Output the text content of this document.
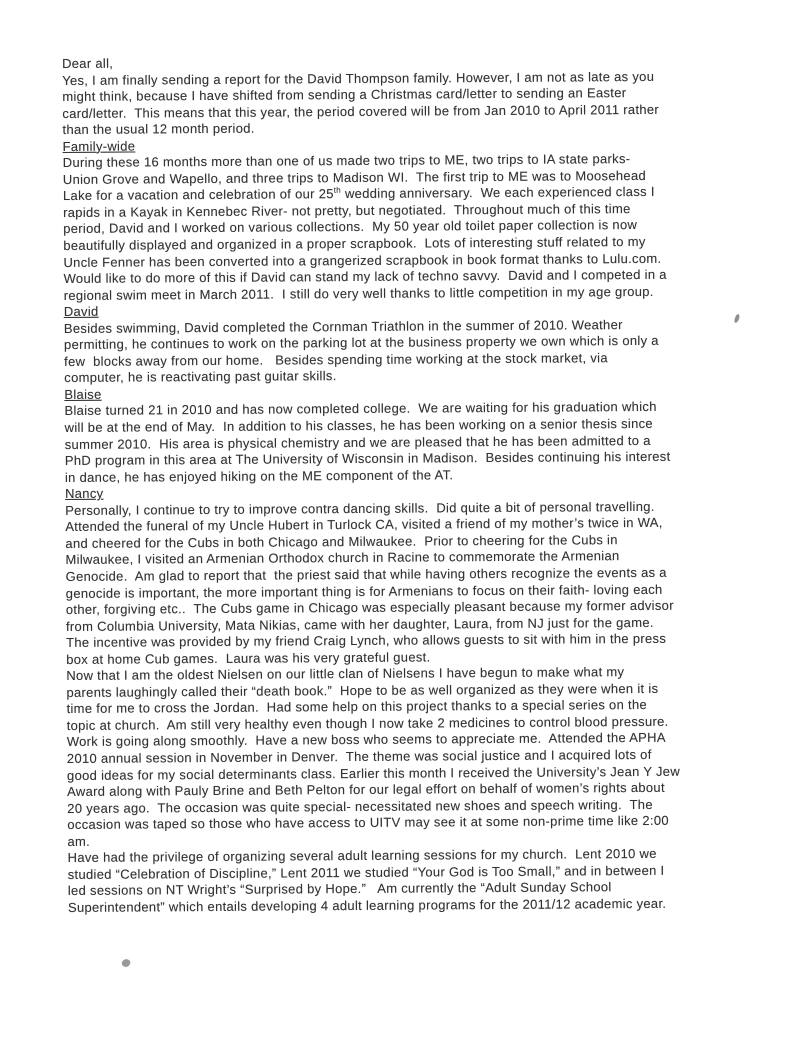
Dear all,
Yes, I am finally sending a report for the David Thompson family. However, I am not as late as you
might think, because I have shifted from sending a Christmas card/letter to sending an Easter
card/letter.  This means that this year, the period covered will be from Jan 2010 to April 2011 rather
than the usual 12 month period.
Family-wide
During these 16 months more than one of us made two trips to ME, two trips to IA state parks-
Union Grove and Wapello, and three trips to Madison WI.  The first trip to ME was to Moosehead
Lake for a vacation and celebration of our 25th wedding anniversary.  We each experienced class I
rapids in a Kayak in Kennebec River- not pretty, but negotiated.  Throughout much of this time
period, David and I worked on various collections.  My 50 year old toilet paper collection is now
beautifully displayed and organized in a proper scrapbook.  Lots of interesting stuff related to my
Uncle Fenner has been converted into a grangerized scrapbook in book format thanks to Lulu.com.
Would like to do more of this if David can stand my lack of techno savvy.  David and I competed in a
regional swim meet in March 2011.  I still do very well thanks to little competition in my age group.
David
Besides swimming, David completed the Cornman Triathlon in the summer of 2010. Weather
permitting, he continues to work on the parking lot at the business property we own which is only a
few  blocks away from our home.   Besides spending time working at the stock market, via
computer, he is reactivating past guitar skills.
Blaise
Blaise turned 21 in 2010 and has now completed college.  We are waiting for his graduation which
will be at the end of May.  In addition to his classes, he has been working on a senior thesis since
summer 2010.  His area is physical chemistry and we are pleased that he has been admitted to a
PhD program in this area at The University of Wisconsin in Madison.  Besides continuing his interest
in dance, he has enjoyed hiking on the ME component of the AT.
Nancy
Personally, I continue to try to improve contra dancing skills.  Did quite a bit of personal travelling.
Attended the funeral of my Uncle Hubert in Turlock CA, visited a friend of my mother’s twice in WA,
and cheered for the Cubs in both Chicago and Milwaukee.  Prior to cheering for the Cubs in
Milwaukee, I visited an Armenian Orthodox church in Racine to commemorate the Armenian
Genocide.  Am glad to report that  the priest said that while having others recognize the events as a
genocide is important, the more important thing is for Armenians to focus on their faith- loving each
other, forgiving etc..  The Cubs game in Chicago was especially pleasant because my former advisor
from Columbia University, Mata Nikias, came with her daughter, Laura, from NJ just for the game.
The incentive was provided by my friend Craig Lynch, who allows guests to sit with him in the press
box at home Cub games.  Laura was his very grateful guest.
Now that I am the oldest Nielsen on our little clan of Nielsens I have begun to make what my
parents laughingly called their “death book.”  Hope to be as well organized as they were when it is
time for me to cross the Jordan.  Had some help on this project thanks to a special series on the
topic at church.  Am still very healthy even though I now take 2 medicines to control blood pressure.
Work is going along smoothly.  Have a new boss who seems to appreciate me.  Attended the APHA
2010 annual session in November in Denver.  The theme was social justice and I acquired lots of
good ideas for my social determinants class. Earlier this month I received the University’s Jean Y Jew
Award along with Pauly Brine and Beth Pelton for our legal effort on behalf of women’s rights about
20 years ago.  The occasion was quite special- necessitated new shoes and speech writing.  The
occasion was taped so those who have access to UITV may see it at some non-prime time like 2:00
am.
Have had the privilege of organizing several adult learning sessions for my church.  Lent 2010 we
studied “Celebration of Discipline,” Lent 2011 we studied “Your God is Too Small,” and in between I
led sessions on NT Wright’s “Surprised by Hope.”   Am currently the “Adult Sunday School
Superintendent” which entails developing 4 adult learning programs for the 2011/12 academic year.
